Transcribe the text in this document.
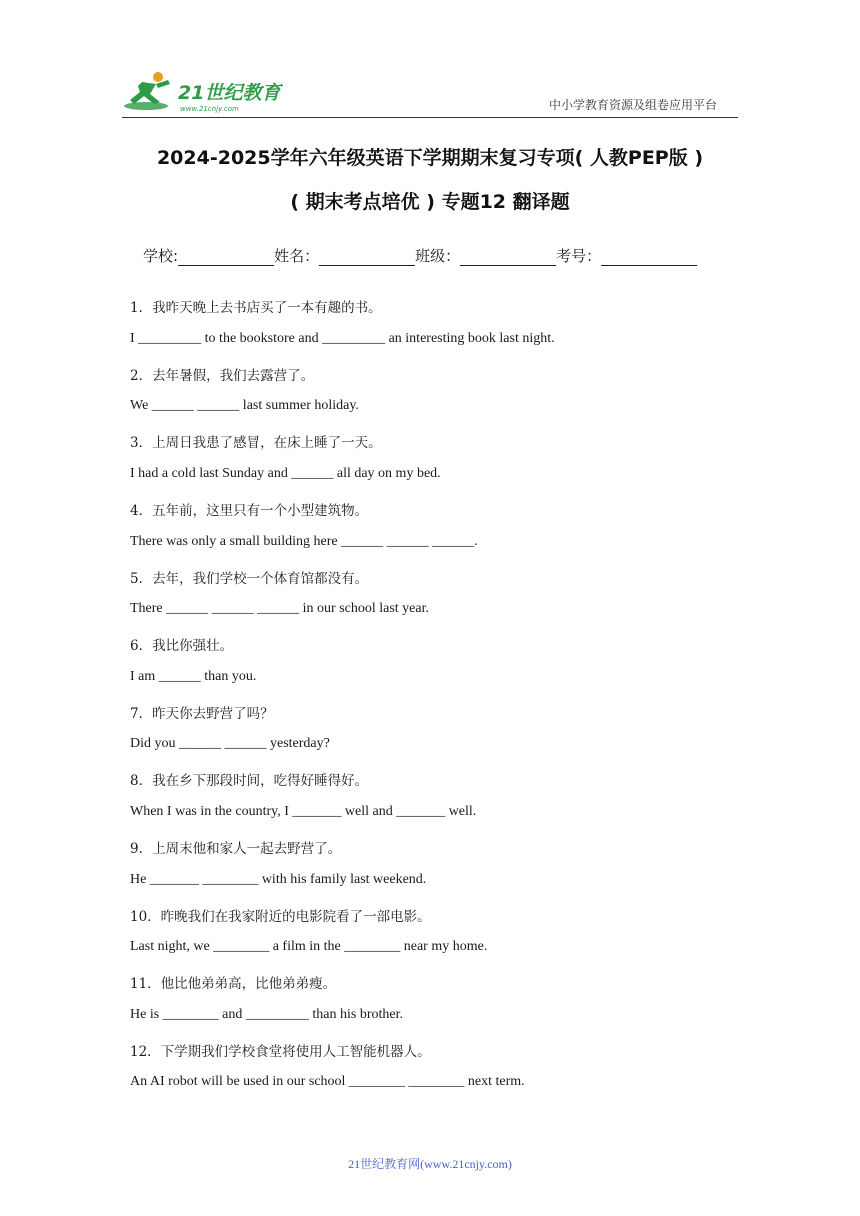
21世纪教育
www.21cnjy.com	中小学教育资源及组卷应用平台
2024-2025学年六年级英语下学期期末复习专项( 人教PEP版 )
( 期末考点培优 ) 专题12 翻译题
学校:	姓名：	班级：	考号：
1．我昨天晚上去书店买了一本有趣的书。
I _________ to the bookstore and _________ an interesting book last night.
2．去年暑假，我们去露营了。
We ______ ______ last summer holiday.
3．上周日我患了感冒，在床上睡了一天。
I had a cold last Sunday and ______ all day on my bed.
4．五年前，这里只有一个小型建筑物。
There was only a small building here ______ ______ ______.
5．去年，我们学校一个体育馆都没有。
There ______ ______ ______ in our school last year.
6．我比你强壮。
I am ______ than you.
7．昨天你去野营了吗？
Did you ______ ______ yesterday?
8．我在乡下那段时间，吃得好睡得好。
When I was in the country, I _______ well and _______ well.
9．上周末他和家人一起去野营了。
He _______ ________ with his family last weekend.
10．昨晚我们在我家附近的电影院看了一部电影。
Last night, we ________ a film in the ________ near my home.
11．他比他弟弟高，比他弟弟瘦。
He is ________ and _________ than his brother.
12．下学期我们学校食堂将使用人工智能机器人。
An AI robot will be used in our school ________ ________ next term.
21世纪教育网(www.21cnjy.com)
